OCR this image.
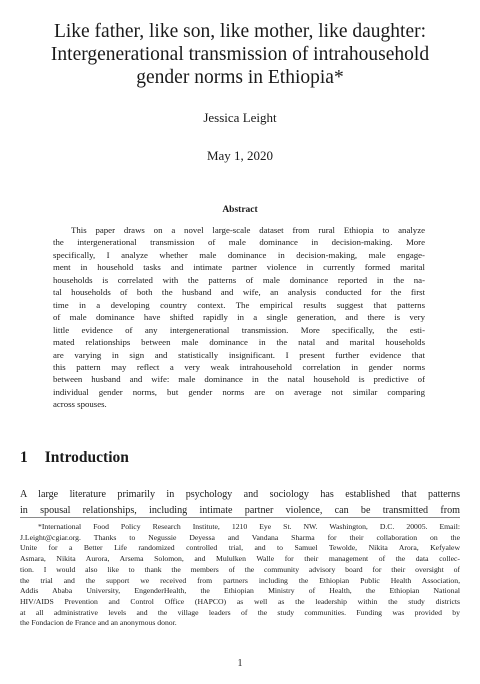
Like father, like son, like mother, like daughter:
Intergenerational transmission of intrahousehold
gender norms in Ethiopia*
Jessica Leight
May 1, 2020
Abstract

This paper draws on a novel large-scale dataset from rural Ethiopia to analyze
the intergenerational transmission of male dominance in decision-making. More
specifically, I analyze whether male dominance in decision-making, male engage-
ment in household tasks and intimate partner violence in currently formed marital
households is correlated with the patterns of male dominance reported in the na-
tal households of both the husband and wife, an analysis conducted for the first
time in a developing country context. The empirical results suggest that patterns
of male dominance have shifted rapidly in a single generation, and there is very
little evidence of any intergenerational transmission. More specifically, the esti-
mated relationships between male dominance in the natal and marital households
are varying in sign and statistically insignificant. I present further evidence that
this pattern may reflect a very weak intrahousehold correlation in gender norms
between husband and wife: male dominance in the natal household is predictive of
individual gender norms, but gender norms are on average not similar comparing
across spouses.

1 Introduction

A large literature primarily in psychology and sociology has established that patterns
in spousal relationships, including intimate partner violence, can be transmitted from

*International Food Policy Research Institute, 1210 Eye St. NW. Washington, D.C. 20005. Email:
J.Leight@cgiar.org. Thanks to Negussie Deyessa and Vandana Sharma for their collaboration on the
Unite for a Better Life randomized controlled trial, and to Samuel Tewolde, Nikita Arora, Kefyalew
Asmara, Nikita Aurora, Arsema Solomon, and Mululken Walle for their management of the data collec-
tion. I would also like to thank the members of the community advisory board for their oversight of
the trial and the support we received from partners including the Ethiopian Public Health Association,
Addis Ababa University, EngenderHealth, the Ethiopian Ministry of Health, the Ethiopian National
HIV/AIDS Prevention and Control Office (HAPCO) as well as the leadership within the study districts
at all administrative levels and the village leaders of the study communities. Funding was provided by
the Fondacion de France and an anonymous donor.

1
